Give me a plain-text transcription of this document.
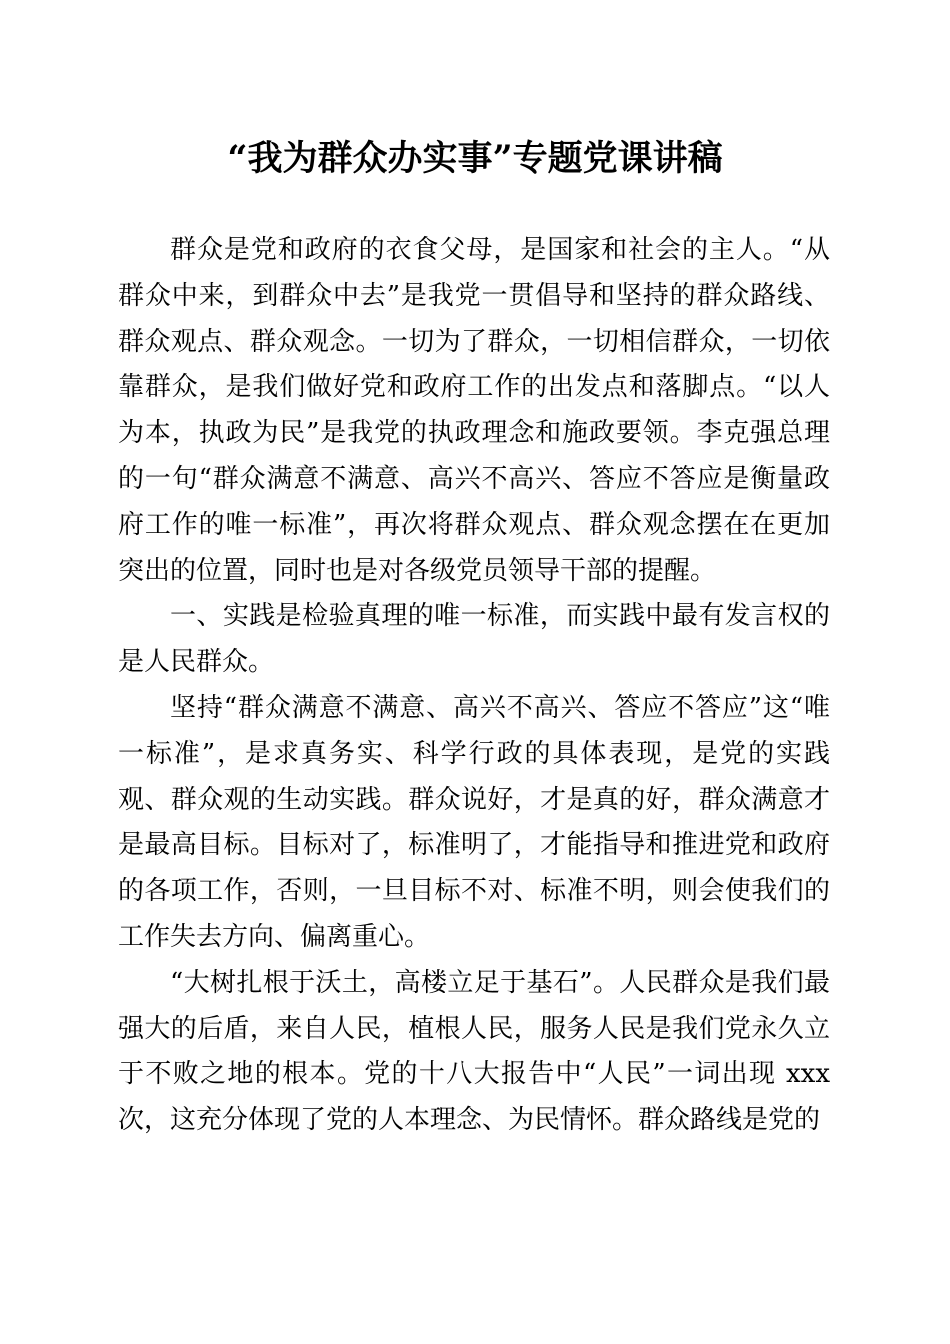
“我为群众办实事”专题党课讲稿

群众是党和政府的衣食父母，是国家和社会的主人。“从群众中来，到群众中去”是我党一贯倡导和坚持的群众路线、群众观点、群众观念。一切为了群众，一切相信群众，一切依靠群众，是我们做好党和政府工作的出发点和落脚点。“以人为本，执政为民”是我党的执政理念和施政要领。李克强总理的一句“群众满意不满意、高兴不高兴、答应不答应是衡量政府工作的唯一标准”，再次将群众观点、群众观念摆在在更加突出的位置，同时也是对各级党员领导干部的提醒。

一、实践是检验真理的唯一标准，而实践中最有发言权的是人民群众。

坚持“群众满意不满意、高兴不高兴、答应不答应”这“唯一标准”，是求真务实、科学行政的具体表现，是党的实践观、群众观的生动实践。群众说好，才是真的好，群众满意才是最高目标。目标对了，标准明了，才能指导和推进党和政府的各项工作，否则，一旦目标不对、标准不明，则会使我们的工作失去方向、偏离重心。

“大树扎根于沃土，高楼立足于基石”。人民群众是我们最强大的后盾，来自人民，植根人民，服务人民是我们党永久立于不败之地的根本。党的十八大报告中“人民”一词出现 xxx 次，这充分体现了党的人本理念、为民情怀。群众路线是党的
